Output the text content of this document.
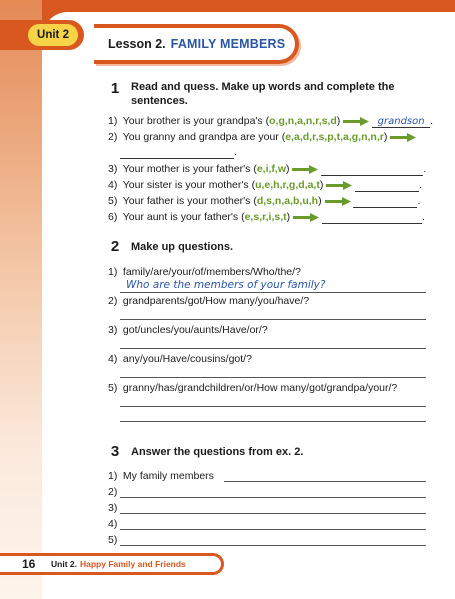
Unit 2
Lesson 2. FAMILY MEMBERS
1	Read and quess. Make up words and complete the
sentences.
1) Your brother is your grandpa's (o,g,n,a,n,r,s,d)	grandson .
2) You granny and grandpa are your (e,a,d,r,s,p,t,a,g,n,n,r)
.
3) Your mother is your father's (e,i,f,w)	.
4) Your sister is your mother's (u,e,h,r,g,d,a,t)	.
5) Your father is your mother's (d,s,n,a,b,u,h)	.
6) Your aunt is your father's (e,s,r,i,s,t)	.
2	Make up questions.
1) family/are/your/of/members/Who/the/?
Who are the members of your family?
2) grandparents/got/How many/you/have/?
3) got/uncles/you/aunts/Have/or/?
4) any/you/Have/cousins/got/?
5) granny/has/grandchildren/or/How many/got/grandpa/your/?
3	Answer the questions from ex. 2.
1) My family members
2)
3)
4)
5)
16 Unit 2. Happy Family and Friends
